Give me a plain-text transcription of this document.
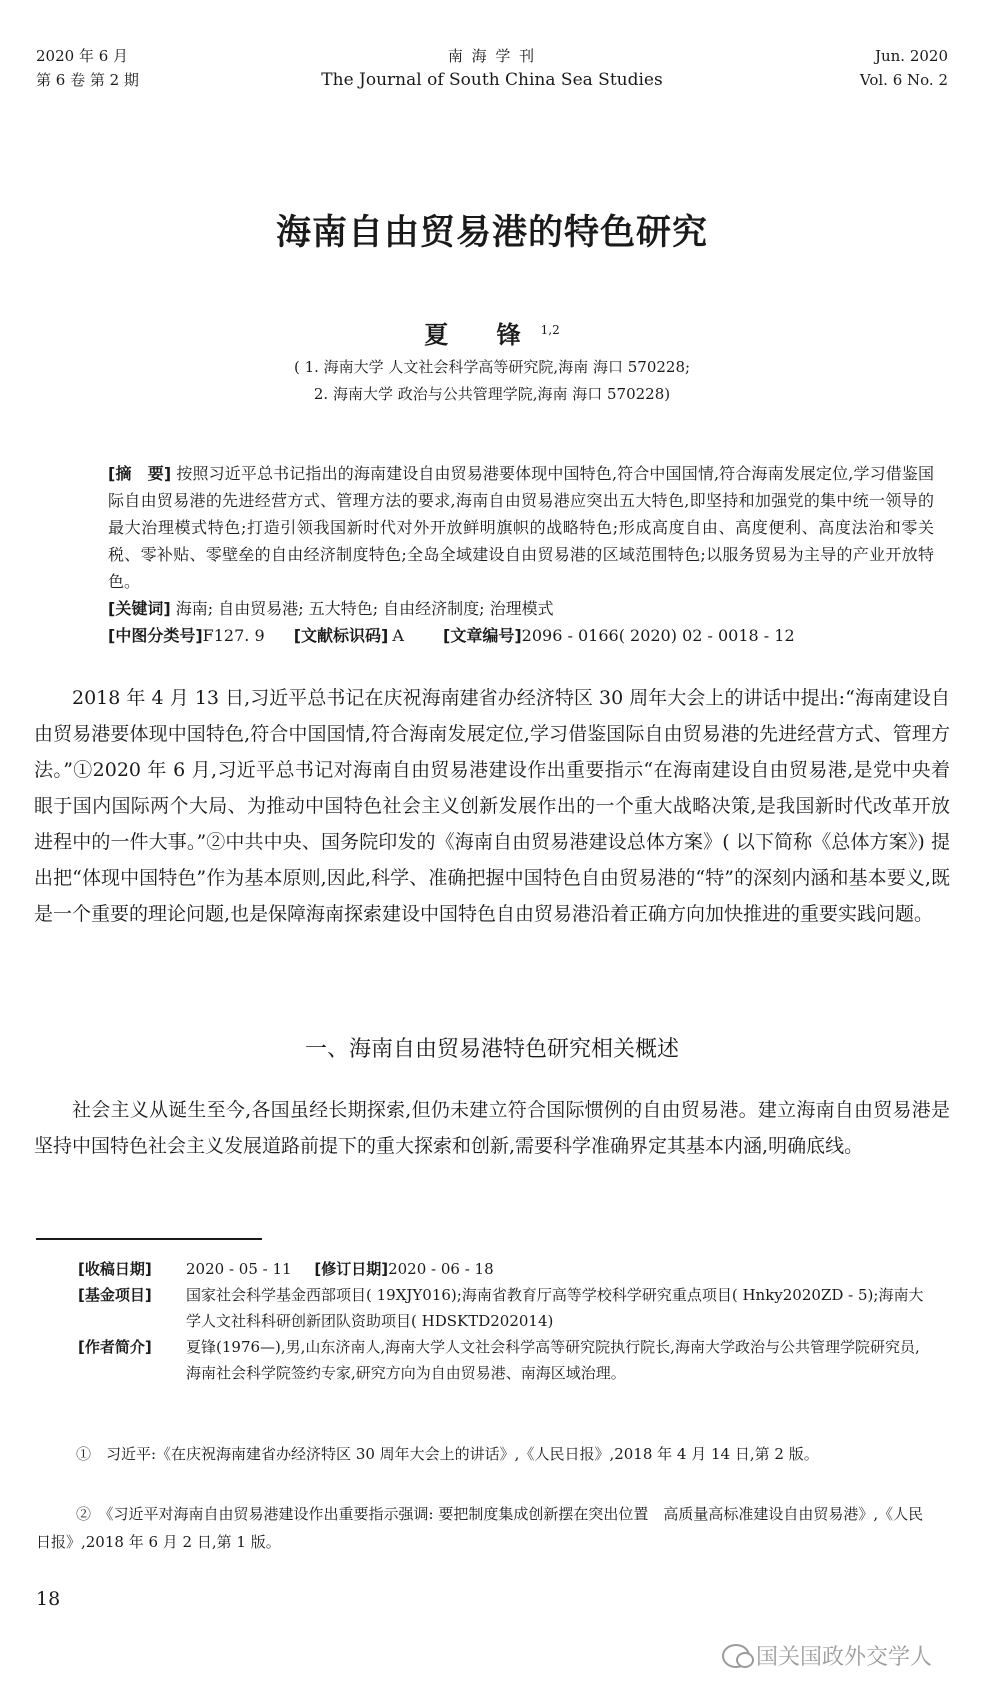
2020 年 6 月
第 6 卷 第 2 期
南 海 学 刊
The Journal of South China Sea Studies
Jun. 2020
Vol. 6 No. 2
海南自由贸易港的特色研究
夏 锋$^{1,2}$
( 1. 海南大学 人文社会科学高等研究院,海南 海口 570228;
2. 海南大学 政治与公共管理学院,海南 海口 570228)
[摘　要] 按照习近平总书记指出的海南建设自由贸易港要体现中国特色,符合中国国情,符合海南发展定位,学习借鉴国际自由贸易港的先进经营方式、管理方法的要求,海南自由贸易港应突出五大特色,即坚持和加强党的集中统一领导的最大治理模式特色;打造引领我国新时代对外开放鲜明旗帜的战略特色;形成高度自由、高度便利、高度法治和零关税、零补贴、零壁垒的自由经济制度特色;全岛全域建设自由贸易港的区域范围特色;以服务贸易为主导的产业开放特色。
[关键词] 海南; 自由贸易港; 五大特色; 自由经济制度; 治理模式
[中图分类号]F127. 9 [文献标识码] A [文章编号]2096 - 0166( 2020) 02 - 0018 - 12
2018 年 4 月 13 日,习近平总书记在庆祝海南建省办经济特区 30 周年大会上的讲话中提出:“海南建设自由贸易港要体现中国特色,符合中国国情,符合海南发展定位,学习借鉴国际自由贸易港的先进经营方式、管理方法。”①2020 年 6 月,习近平总书记对海南自由贸易港建设作出重要指示“在海南建设自由贸易港,是党中央着眼于国内国际两个大局、为推动中国特色社会主义创新发展作出的一个重大战略决策,是我国新时代改革开放进程中的一件大事。”②中共中央、国务院印发的《海南自由贸易港建设总体方案》( 以下简称《总体方案》) 提出把“体现中国特色”作为基本原则,因此,科学、准确把握中国特色自由贸易港的“特”的深刻内涵和基本要义,既是一个重要的理论问题,也是保障海南探索建设中国特色自由贸易港沿着正确方向加快推进的重要实践问题。
一、海南自由贸易港特色研究相关概述
社会主义从诞生至今,各国虽经长期探索,但仍未建立符合国际惯例的自由贸易港。建立海南自由贸易港是坚持中国特色社会主义发展道路前提下的重大探索和创新,需要科学准确界定其基本内涵,明确底线。
[收稿日期]	2020 - 05 - 11 [修订日期]2020 - 06 - 18
[基金项目]	国家社会科学基金西部项目( 19XJY016);海南省教育厅高等学校科学研究重点项目( Hnky2020ZD - 5);海南大学人文社科科研创新团队资助项目( HDSKTD202014)
[作者简介]	夏锋(1976—),男,山东济南人,海南大学人文社会科学高等研究院执行院长,海南大学政治与公共管理学院研究员,海南社会科学院签约专家,研究方向为自由贸易港、南海区域治理。
①　习近平:《在庆祝海南建省办经济特区 30 周年大会上的讲话》,《人民日报》,2018 年 4 月 14 日,第 2 版。
②　《习近平对海南自由贸易港建设作出重要指示强调: 要把制度集成创新摆在突出位置　高质量高标准建设自由贸易港》,《人民日报》,2018 年 6 月 2 日,第 1 版。
18
国关国政外交学人
